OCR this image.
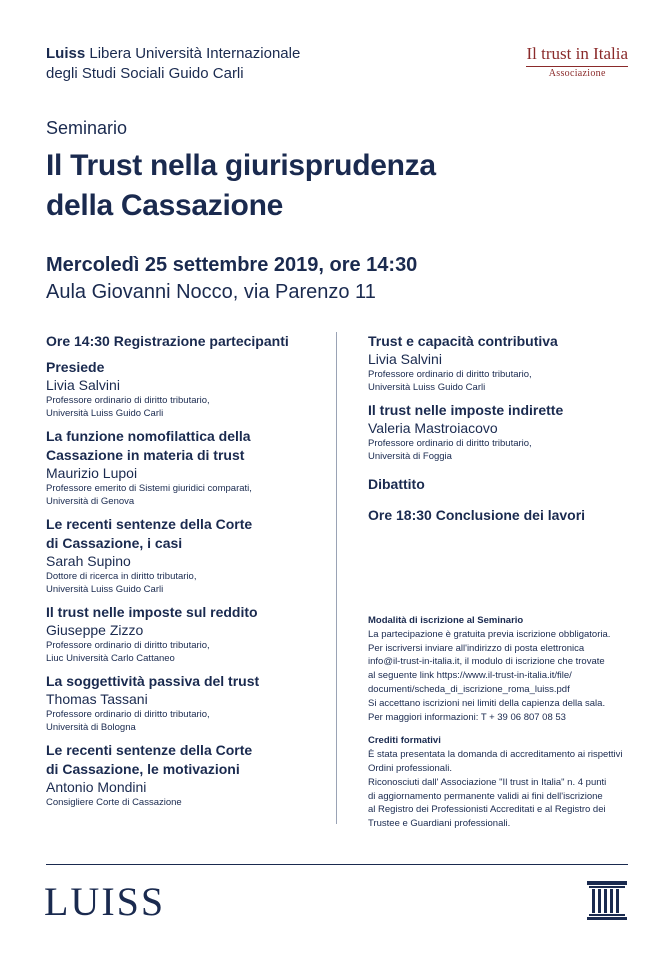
Luiss Libera Università Internazionale
degli Studi Sociali Guido Carli
Il trust in Italia
Associazione
Seminario
Il Trust nella giurisprudenza
della Cassazione
Mercoledì 25 settembre 2019, ore 14:30
Aula Giovanni Nocco, via Parenzo 11
Ore 14:30 Registrazione partecipanti
Presiede
Livia Salvini
Professore ordinario di diritto tributario,
Università Luiss Guido Carli
La funzione nomofilattica della
Cassazione in materia di trust
Maurizio Lupoi
Professore emerito di Sistemi giuridici comparati,
Università di Genova
Le recenti sentenze della Corte
di Cassazione, i casi
Sarah Supino
Dottore di ricerca in diritto tributario,
Università Luiss Guido Carli
Il trust nelle imposte sul reddito
Giuseppe Zizzo
Professore ordinario di diritto tributario,
Liuc Università Carlo Cattaneo
La soggettività passiva del trust
Thomas Tassani
Professore ordinario di diritto tributario,
Università di Bologna
Le recenti sentenze della Corte
di Cassazione, le motivazioni
Antonio Mondini
Consigliere Corte di Cassazione
Trust e capacità contributiva
Livia Salvini
Professore ordinario di diritto tributario,
Università Luiss Guido Carli
Il trust nelle imposte indirette
Valeria Mastroiacovo
Professore ordinario di diritto tributario,
Università di Foggia
Dibattito
Ore 18:30 Conclusione dei lavori
Modalità di iscrizione al Seminario
La partecipazione è gratuita previa iscrizione obbligatoria.
Per iscriversi inviare all'indirizzo di posta elettronica
info@il-trust-in-italia.it, il modulo di iscrizione che trovate
al seguente link https://www.il-trust-in-italia.it/file/
documenti/scheda_di_iscrizione_roma_luiss.pdf
Si accettano iscrizioni nei limiti della capienza della sala.
Per maggiori informazioni: T + 39 06 807 08 53
Crediti formativi
È stata presentata la domanda di accreditamento ai rispettivi
Ordini professionali.
Riconosciuti dall' Associazione "Il trust in Italia" n. 4 punti
di aggiornamento permanente validi ai fini dell'iscrizione
al Registro dei Professionisti Accreditati e al Registro dei
Trustee e Guardiani professionali.
LUISS
